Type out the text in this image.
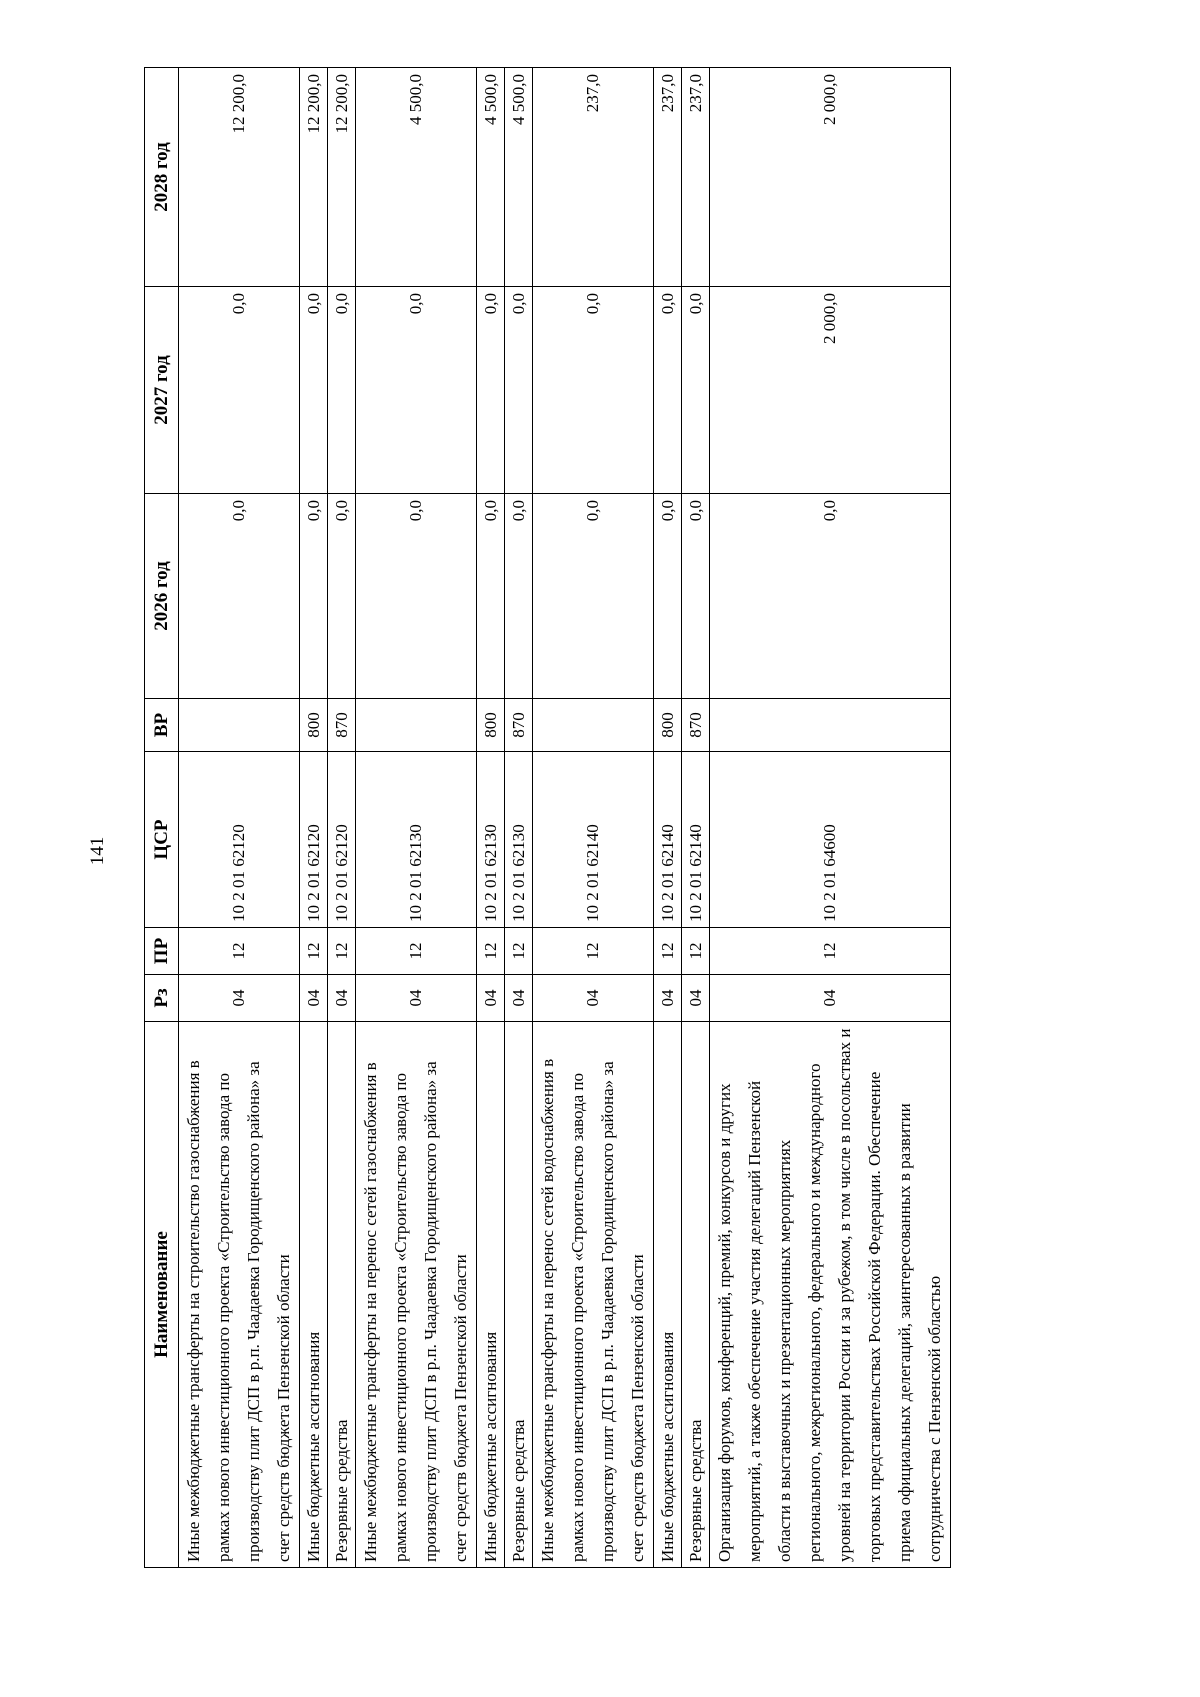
141
Наименование	Рз	ПР	ЦСР	ВР	2026 год	2027 год	2028 год
Иные межбюджетные трансферты на строительство газоснабжения в рамках нового инвестиционного проекта «Строительство завода по производству плит ДСП в р.п. Чаадаевка Городищенского района» за счет средств бюджета Пензенской области	04	12	10 2 01 62120		0,0	0,0	12 200,0
Иные бюджетные ассигнования	04	12	10 2 01 62120	800	0,0	0,0	12 200,0
Резервные средства	04	12	10 2 01 62120	870	0,0	0,0	12 200,0
Иные межбюджетные трансферты на перенос сетей газоснабжения в рамках нового инвестиционного проекта «Строительство завода по производству плит ДСП в р.п. Чаадаевка Городищенского района» за счет средств бюджета Пензенской области	04	12	10 2 01 62130		0,0	0,0	4 500,0
Иные бюджетные ассигнования	04	12	10 2 01 62130	800	0,0	0,0	4 500,0
Резервные средства	04	12	10 2 01 62130	870	0,0	0,0	4 500,0
Иные межбюджетные трансферты на перенос сетей водоснабжения в рамках нового инвестиционного проекта «Строительство завода по производству плит ДСП в р.п. Чаадаевка Городищенского района» за счет средств бюджета Пензенской области	04	12	10 2 01 62140		0,0	0,0	237,0
Иные бюджетные ассигнования	04	12	10 2 01 62140	800	0,0	0,0	237,0
Резервные средства	04	12	10 2 01 62140	870	0,0	0,0	237,0
Организация форумов, конференций, премий, конкурсов и других мероприятий, а также обеспечение участия делегаций Пензенской области в выставочных и презентационных мероприятиях регионального, межрегионального, федерального и международного уровней на территории России и за рубежом, в том числе в посольствах и торговых представительствах Российской Федерации. Обеспечение приема официальных делегаций, заинтересованных в развитии сотрудничества с Пензенской областью	04	12	10 2 01 64600		0,0	2 000,0	2 000,0
